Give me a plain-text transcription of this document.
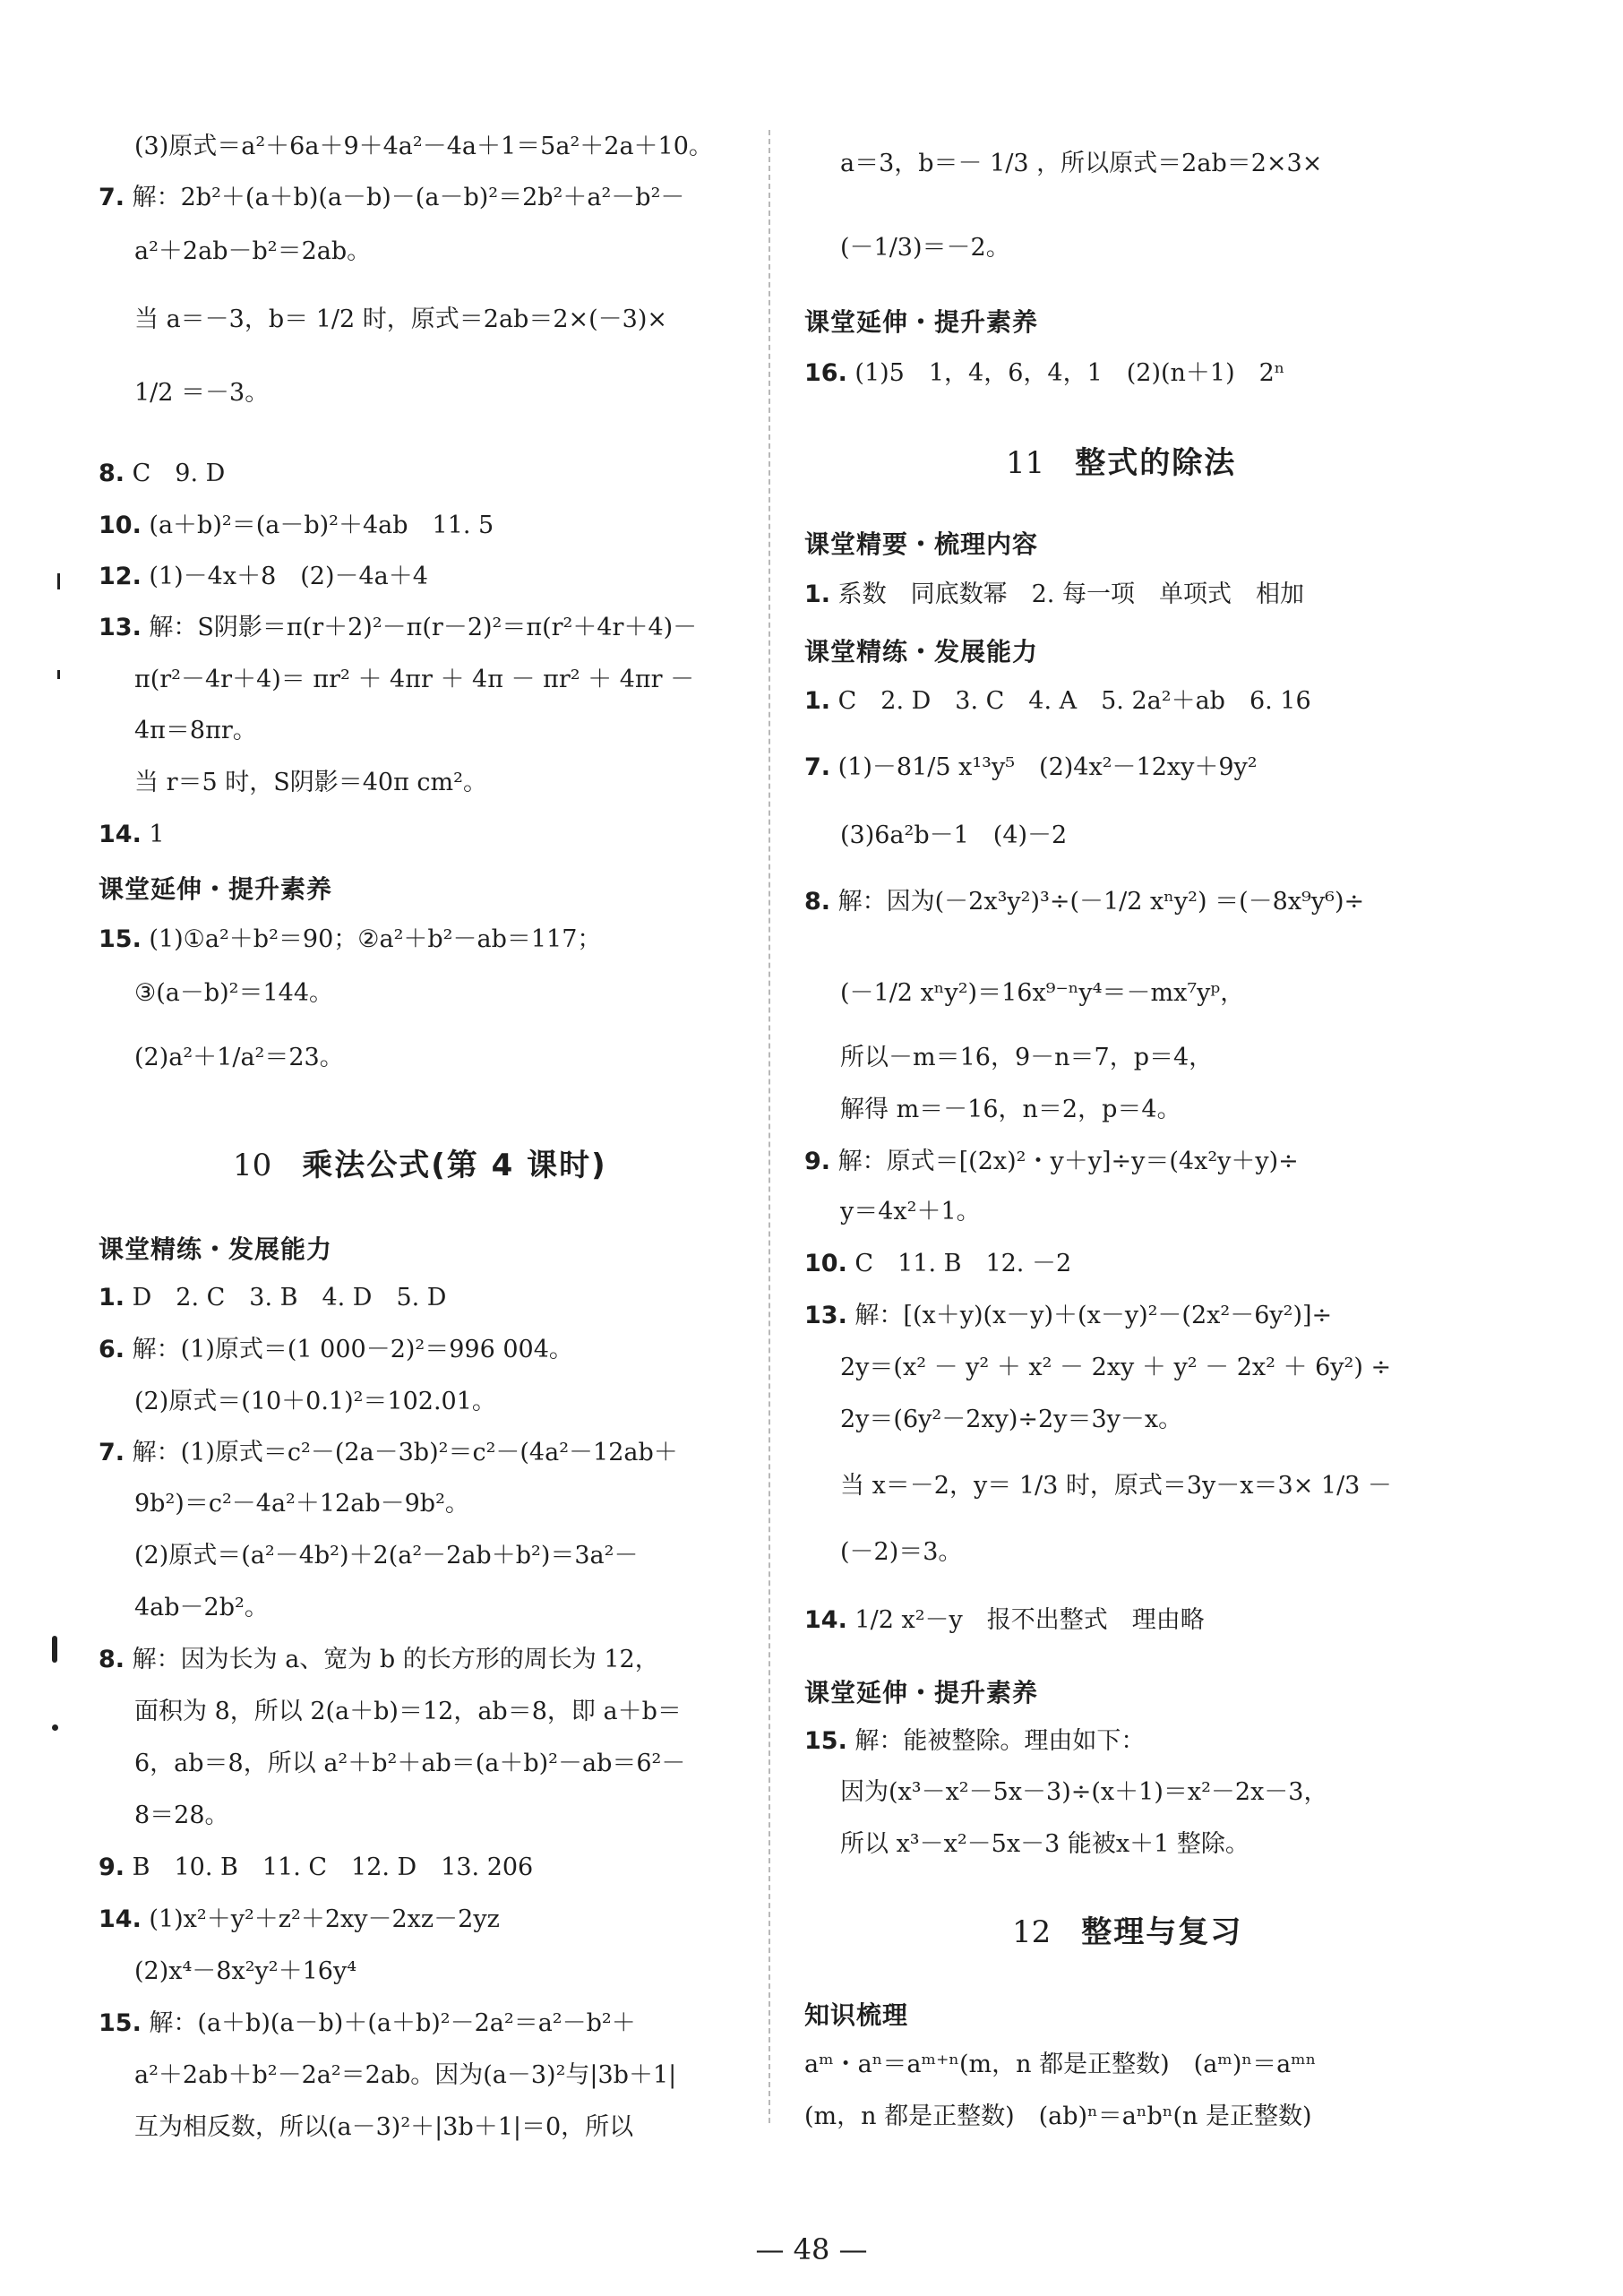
(3)原式＝a²＋6a＋9＋4a²－4a＋1＝5a²＋2a＋10。
7. 解：2b²＋(a＋b)(a－b)－(a－b)²＝2b²＋a²－b²－
a²＋2ab－b²＝2ab。
当 a＝－3，b＝ 1/2 时，原式＝2ab＝2×(－3)×
1/2 ＝－3。
8. C　9. D
10. (a＋b)²＝(a－b)²＋4ab　11. 5
12. (1)－4x＋8　(2)－4a＋4
13. 解：S阴影＝π(r＋2)²－π(r－2)²＝π(r²＋4r＋4)－
π(r²－4r＋4)＝ πr² ＋ 4πr ＋ 4π － πr² ＋ 4πr －
4π＝8πr。
当 r＝5 时，S阴影＝40π cm²。
14. 1
课堂延伸・提升素养
15. (1)①a²＋b²＝90；②a²＋b²－ab＝117；
③(a－b)²＝144。
(2)a²＋1/a²＝23。
10 乘法公式(第 4 课时)
课堂精练・发展能力
1. D　2. C　3. B　4. D　5. D
6. 解：(1)原式＝(1 000－2)²＝996 004。
(2)原式＝(10＋0.1)²＝102.01。
7. 解：(1)原式＝c²－(2a－3b)²＝c²－(4a²－12ab＋
9b²)＝c²－4a²＋12ab－9b²。
(2)原式＝(a²－4b²)＋2(a²－2ab＋b²)＝3a²－
4ab－2b²。
8. 解：因为长为 a、宽为 b 的长方形的周长为 12，
面积为 8，所以 2(a＋b)＝12，ab＝8，即 a＋b＝
6，ab＝8，所以 a²＋b²＋ab＝(a＋b)²－ab＝6²－
8＝28。
9. B　10. B　11. C　12. D　13. 206
14. (1)x²＋y²＋z²＋2xy－2xz－2yz
(2)x⁴－8x²y²＋16y⁴
15. 解：(a＋b)(a－b)＋(a＋b)²－2a²＝a²－b²＋
a²＋2ab＋b²－2a²＝2ab。因为(a－3)²与|3b＋1|
互为相反数，所以(a－3)²＋|3b＋1|＝0，所以
a＝3，b＝－ 1/3 ，所以原式＝2ab＝2×3×
(－1/3)＝－2。
课堂延伸・提升素养
16. (1)5　1，4，6，4，1　(2)(n＋1)　2ⁿ
11 整式的除法
课堂精要・梳理内容
1. 系数　同底数幂　2. 每一项　单项式　相加
课堂精练・发展能力
1. C　2. D　3. C　4. A　5. 2a²＋ab　6. 16
7. (1)－81/5 x¹³y⁵　(2)4x²－12xy＋9y²
(3)6a²b－1　(4)－2
8. 解：因为(－2x³y²)³÷(－1/2 xⁿy²) ＝(－8x⁹y⁶)÷
(－1/2 xⁿy²)＝16x⁹⁻ⁿy⁴＝－mx⁷yᵖ，
所以－m＝16，9－n＝7，p＝4，
解得 m＝－16，n＝2，p＝4。
9. 解：原式＝[(2x)²・y＋y]÷y＝(4x²y＋y)÷
y＝4x²＋1。
10. C　11. B　12. －2
13. 解：[(x＋y)(x－y)＋(x－y)²－(2x²－6y²)]÷
2y＝(x² － y² ＋ x² － 2xy ＋ y² － 2x² ＋ 6y²) ÷
2y＝(6y²－2xy)÷2y＝3y－x。
当 x＝－2，y＝ 1/3 时，原式＝3y－x＝3× 1/3 －
(－2)＝3。
14. 1/2 x²－y　报不出整式　理由略
课堂延伸・提升素养
15. 解：能被整除。理由如下：
因为(x³－x²－5x－3)÷(x＋1)＝x²－2x－3，
所以 x³－x²－5x－3 能被x＋1 整除。
12 整理与复习
知识梳理
aᵐ・aⁿ＝aᵐ⁺ⁿ(m，n 都是正整数)　(aᵐ)ⁿ＝aᵐⁿ
(m，n 都是正整数)　(ab)ⁿ＝aⁿbⁿ(n 是正整数)
— 48 —
